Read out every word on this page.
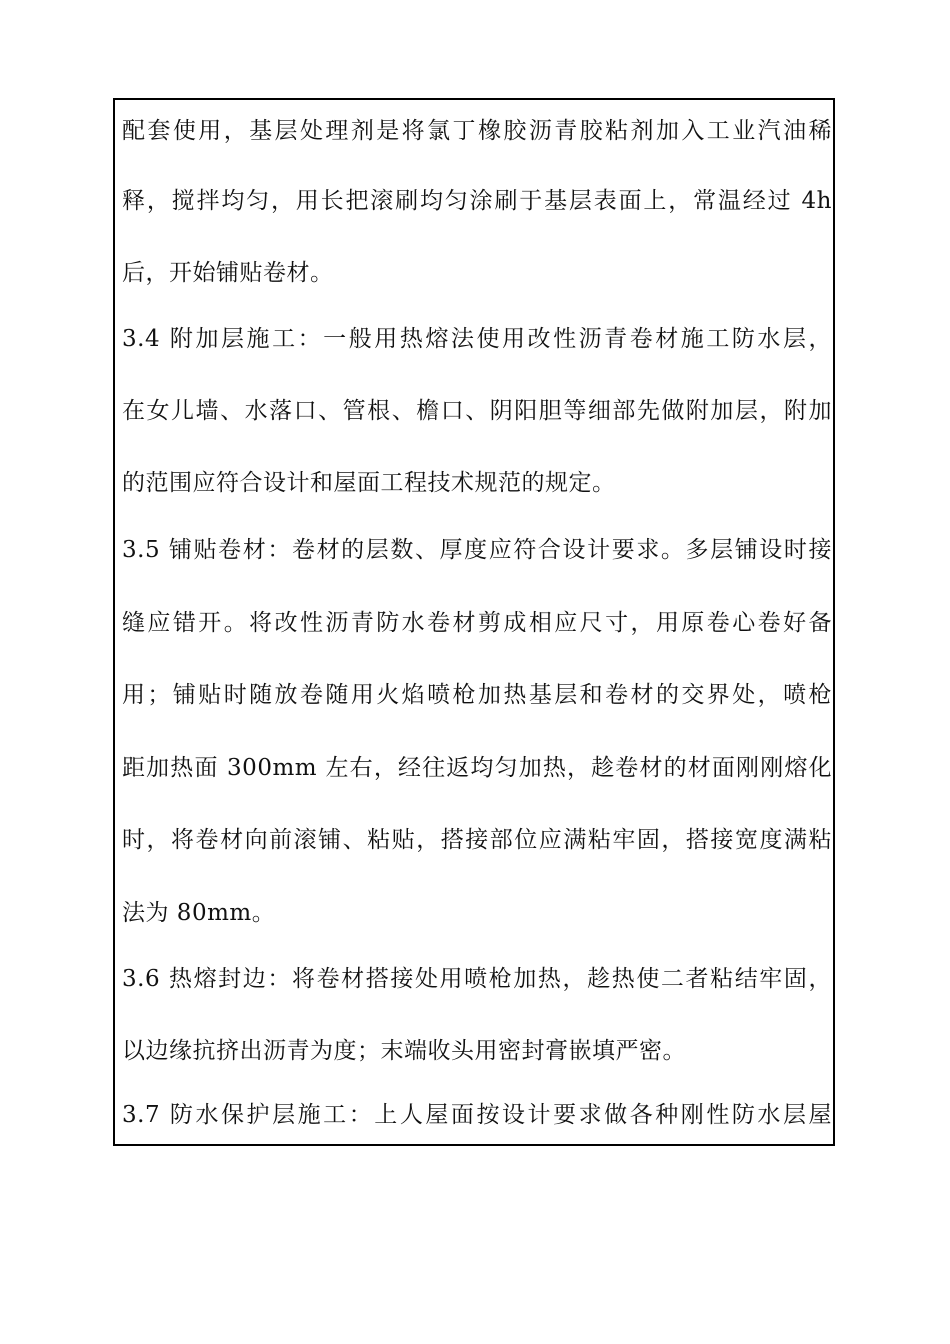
配套使用，基层处理剂是将氯丁橡胶沥青胶粘剂加入工业汽油稀
释，搅拌均匀，用长把滚刷均匀涂刷于基层表面上，常温经过 4h
后，开始铺贴卷材。
3.4 附加层施工：一般用热熔法使用改性沥青卷材施工防水层，
在女儿墙、水落口、管根、檐口、阴阳胆等细部先做附加层，附加
的范围应符合设计和屋面工程技术规范的规定。
3.5 铺贴卷材：卷材的层数、厚度应符合设计要求。多层铺设时接
缝应错开。将改性沥青防水卷材剪成相应尺寸，用原卷心卷好备
用；铺贴时随放卷随用火焰喷枪加热基层和卷材的交界处，喷枪
距加热面 300mm 左右，经往返均匀加热，趁卷材的材面刚刚熔化
时，将卷材向前滚铺、粘贴，搭接部位应满粘牢固，搭接宽度满粘
法为 80mm。
3.6 热熔封边：将卷材搭接处用喷枪加热，趁热使二者粘结牢固，
以边缘抗挤出沥青为度；末端收头用密封膏嵌填严密。
3.7 防水保护层施工：上人屋面按设计要求做各种刚性防水层屋
